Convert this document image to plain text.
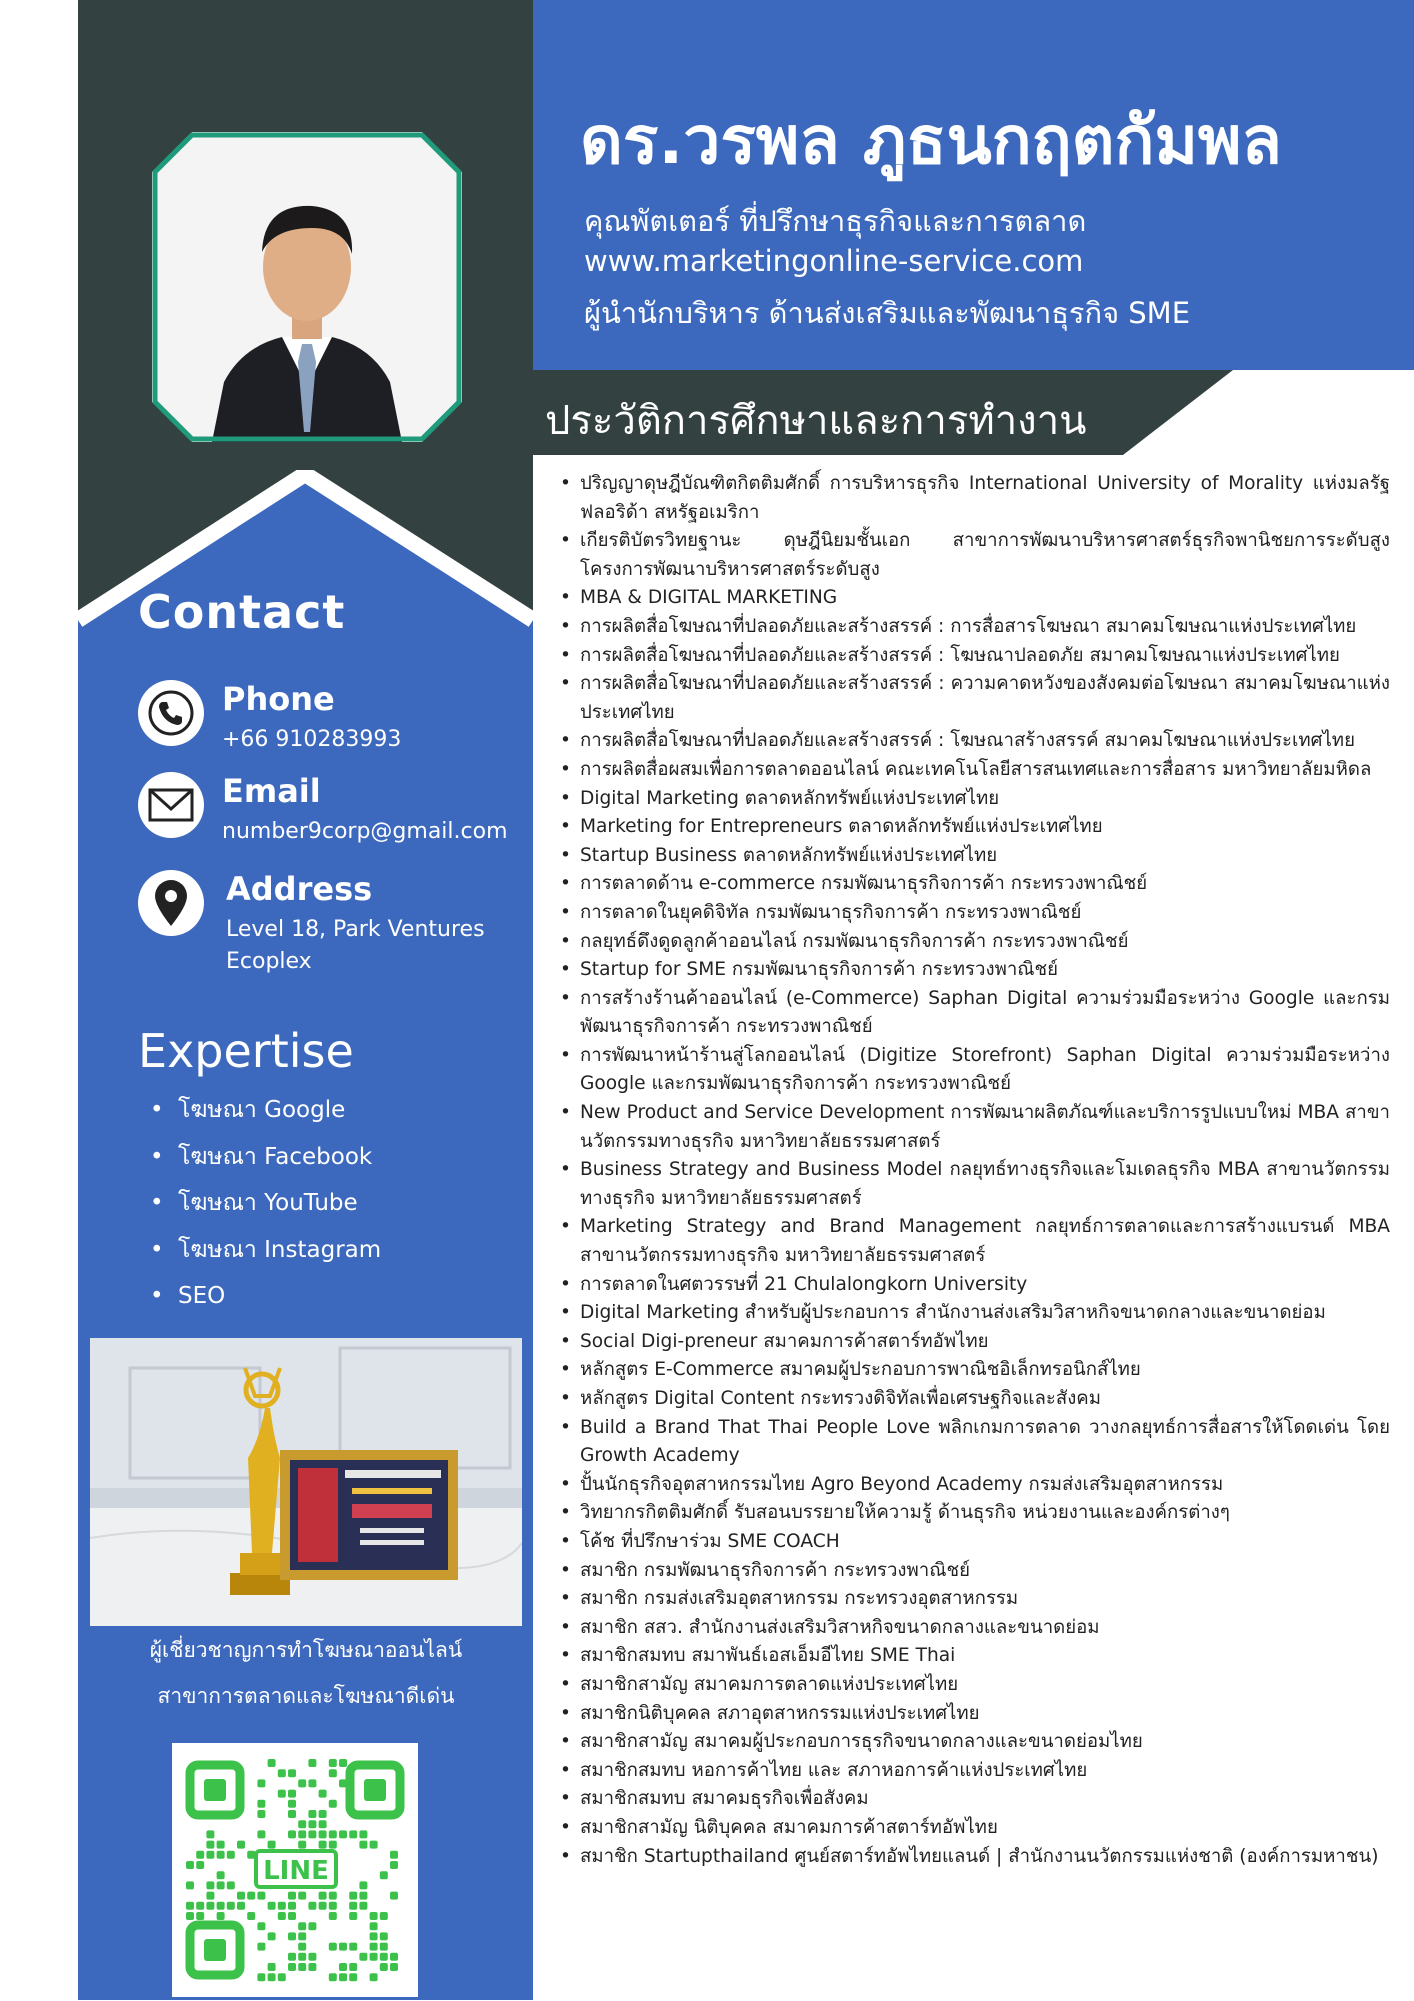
Contact
Phone
+66 910283993
Email
number9corp@gmail.com
Address
Level 18, Park Ventures Ecoplex
Expertise
• โฆษณา Google
• โฆษณา Facebook
• โฆษณา YouTube
• โฆษณา Instagram
• SEO
ผู้เชี่ยวชาญการทำโฆษณาออนไลน์
สาขาการตลาดและโฆษณาดีเด่น
LINE
ดร.วรพล ภูธนกฤตกัมพล
คุณพัตเตอร์ ที่ปรึกษาธุรกิจและการตลาด
www.marketingonline-service.com
ผู้นำนักบริหาร ด้านส่งเสริมและพัฒนาธุรกิจ SME
ประวัติการศึกษาและการทำงาน
• ปริญญาดุษฎีบัณฑิตกิตติมศักดิ์ การบริหารธุรกิจ International University of Morality แห่งมลรัฐฟลอริด้า สหรัฐอเมริกา
• เกียรติบัตรวิทยฐานะ ดุษฎีนิยมชั้นเอก สาขาการพัฒนาบริหารศาสตร์ธุรกิจพานิชยการระดับสูง โครงการพัฒนาบริหารศาสตร์ระดับสูง
• MBA & DIGITAL MARKETING
• การผลิตสื่อโฆษณาที่ปลอดภัยและสร้างสรรค์ : การสื่อสารโฆษณา สมาคมโฆษณาแห่งประเทศไทย
• การผลิตสื่อโฆษณาที่ปลอดภัยและสร้างสรรค์ : โฆษณาปลอดภัย สมาคมโฆษณาแห่งประเทศไทย
• การผลิตสื่อโฆษณาที่ปลอดภัยและสร้างสรรค์ : ความคาดหวังของสังคมต่อโฆษณา สมาคมโฆษณาแห่งประเทศไทย
• การผลิตสื่อโฆษณาที่ปลอดภัยและสร้างสรรค์ : โฆษณาสร้างสรรค์ สมาคมโฆษณาแห่งประเทศไทย
• การผลิตสื่อผสมเพื่อการตลาดออนไลน์ คณะเทคโนโลยีสารสนเทศและการสื่อสาร มหาวิทยาลัยมหิดล
• Digital Marketing ตลาดหลักทรัพย์แห่งประเทศไทย
• Marketing for Entrepreneurs ตลาดหลักทรัพย์แห่งประเทศไทย
• Startup Business ตลาดหลักทรัพย์แห่งประเทศไทย
• การตลาดด้าน e-commerce กรมพัฒนาธุรกิจการค้า กระทรวงพาณิชย์
• การตลาดในยุคดิจิทัล กรมพัฒนาธุรกิจการค้า กระทรวงพาณิชย์
• กลยุทธ์ดึงดูดลูกค้าออนไลน์ กรมพัฒนาธุรกิจการค้า กระทรวงพาณิชย์
• Startup for SME กรมพัฒนาธุรกิจการค้า กระทรวงพาณิชย์
• การสร้างร้านค้าออนไลน์ (e-Commerce) Saphan Digital ความร่วมมือระหว่าง Google และกรมพัฒนาธุรกิจการค้า กระทรวงพาณิชย์
• การพัฒนาหน้าร้านสู่โลกออนไลน์ (Digitize Storefront) Saphan Digital ความร่วมมือระหว่าง Google และกรมพัฒนาธุรกิจการค้า กระทรวงพาณิชย์
• New Product and Service Development การพัฒนาผลิตภัณฑ์และบริการรูปแบบใหม่ MBA สาขานวัตกรรมทางธุรกิจ มหาวิทยาลัยธรรมศาสตร์
• Business Strategy and Business Model กลยุทธ์ทางธุรกิจและโมเดลธุรกิจ MBA สาขานวัตกรรมทางธุรกิจ มหาวิทยาลัยธรรมศาสตร์
• Marketing Strategy and Brand Management กลยุทธ์การตลาดและการสร้างแบรนด์ MBA สาขานวัตกรรมทางธุรกิจ มหาวิทยาลัยธรรมศาสตร์
• การตลาดในศตวรรษที่ 21 Chulalongkorn University
• Digital Marketing สำหรับผู้ประกอบการ สำนักงานส่งเสริมวิสาหกิจขนาดกลางและขนาดย่อม
• Social Digi-preneur สมาคมการค้าสตาร์ทอัพไทย
• หลักสูตร E-Commerce สมาคมผู้ประกอบการพาณิชอิเล็กทรอนิกส์ไทย
• หลักสูตร Digital Content กระทรวงดิจิทัลเพื่อเศรษฐกิจและสังคม
• Build a Brand That Thai People Love พลิกเกมการตลาด วางกลยุทธ์การสื่อสารให้โดดเด่น โดย Growth Academy
• ปั้นนักธุรกิจอุตสาหกรรมไทย Agro Beyond Academy กรมส่งเสริมอุตสาหกรรม
• วิทยากรกิตติมศักดิ์ รับสอนบรรยายให้ความรู้ ด้านธุรกิจ หน่วยงานและองค์กรต่างๆ
• โค้ช ที่ปรึกษาร่วม SME COACH
• สมาชิก กรมพัฒนาธุรกิจการค้า กระทรวงพาณิชย์
• สมาชิก กรมส่งเสริมอุตสาหกรรม กระทรวงอุตสาหกรรม
• สมาชิก สสว. สำนักงานส่งเสริมวิสาหกิจขนาดกลางและขนาดย่อม
• สมาชิกสมทบ สมาพันธ์เอสเอ็มอีไทย SME Thai
• สมาชิกสามัญ สมาคมการตลาดแห่งประเทศไทย
• สมาชิกนิติบุคคล สภาอุตสาหกรรมแห่งประเทศไทย
• สมาชิกสามัญ สมาคมผู้ประกอบการธุรกิจขนาดกลางและขนาดย่อมไทย
• สมาชิกสมทบ หอการค้าไทย และ สภาหอการค้าแห่งประเทศไทย
• สมาชิกสมทบ สมาคมธุรกิจเพื่อสังคม
• สมาชิกสามัญ นิติบุคคล สมาคมการค้าสตาร์ทอัพไทย
• สมาชิก Startupthailand ศูนย์สตาร์ทอัพไทยแลนด์ | สำนักงานนวัตกรรมแห่งชาติ (องค์การมหาชน)
